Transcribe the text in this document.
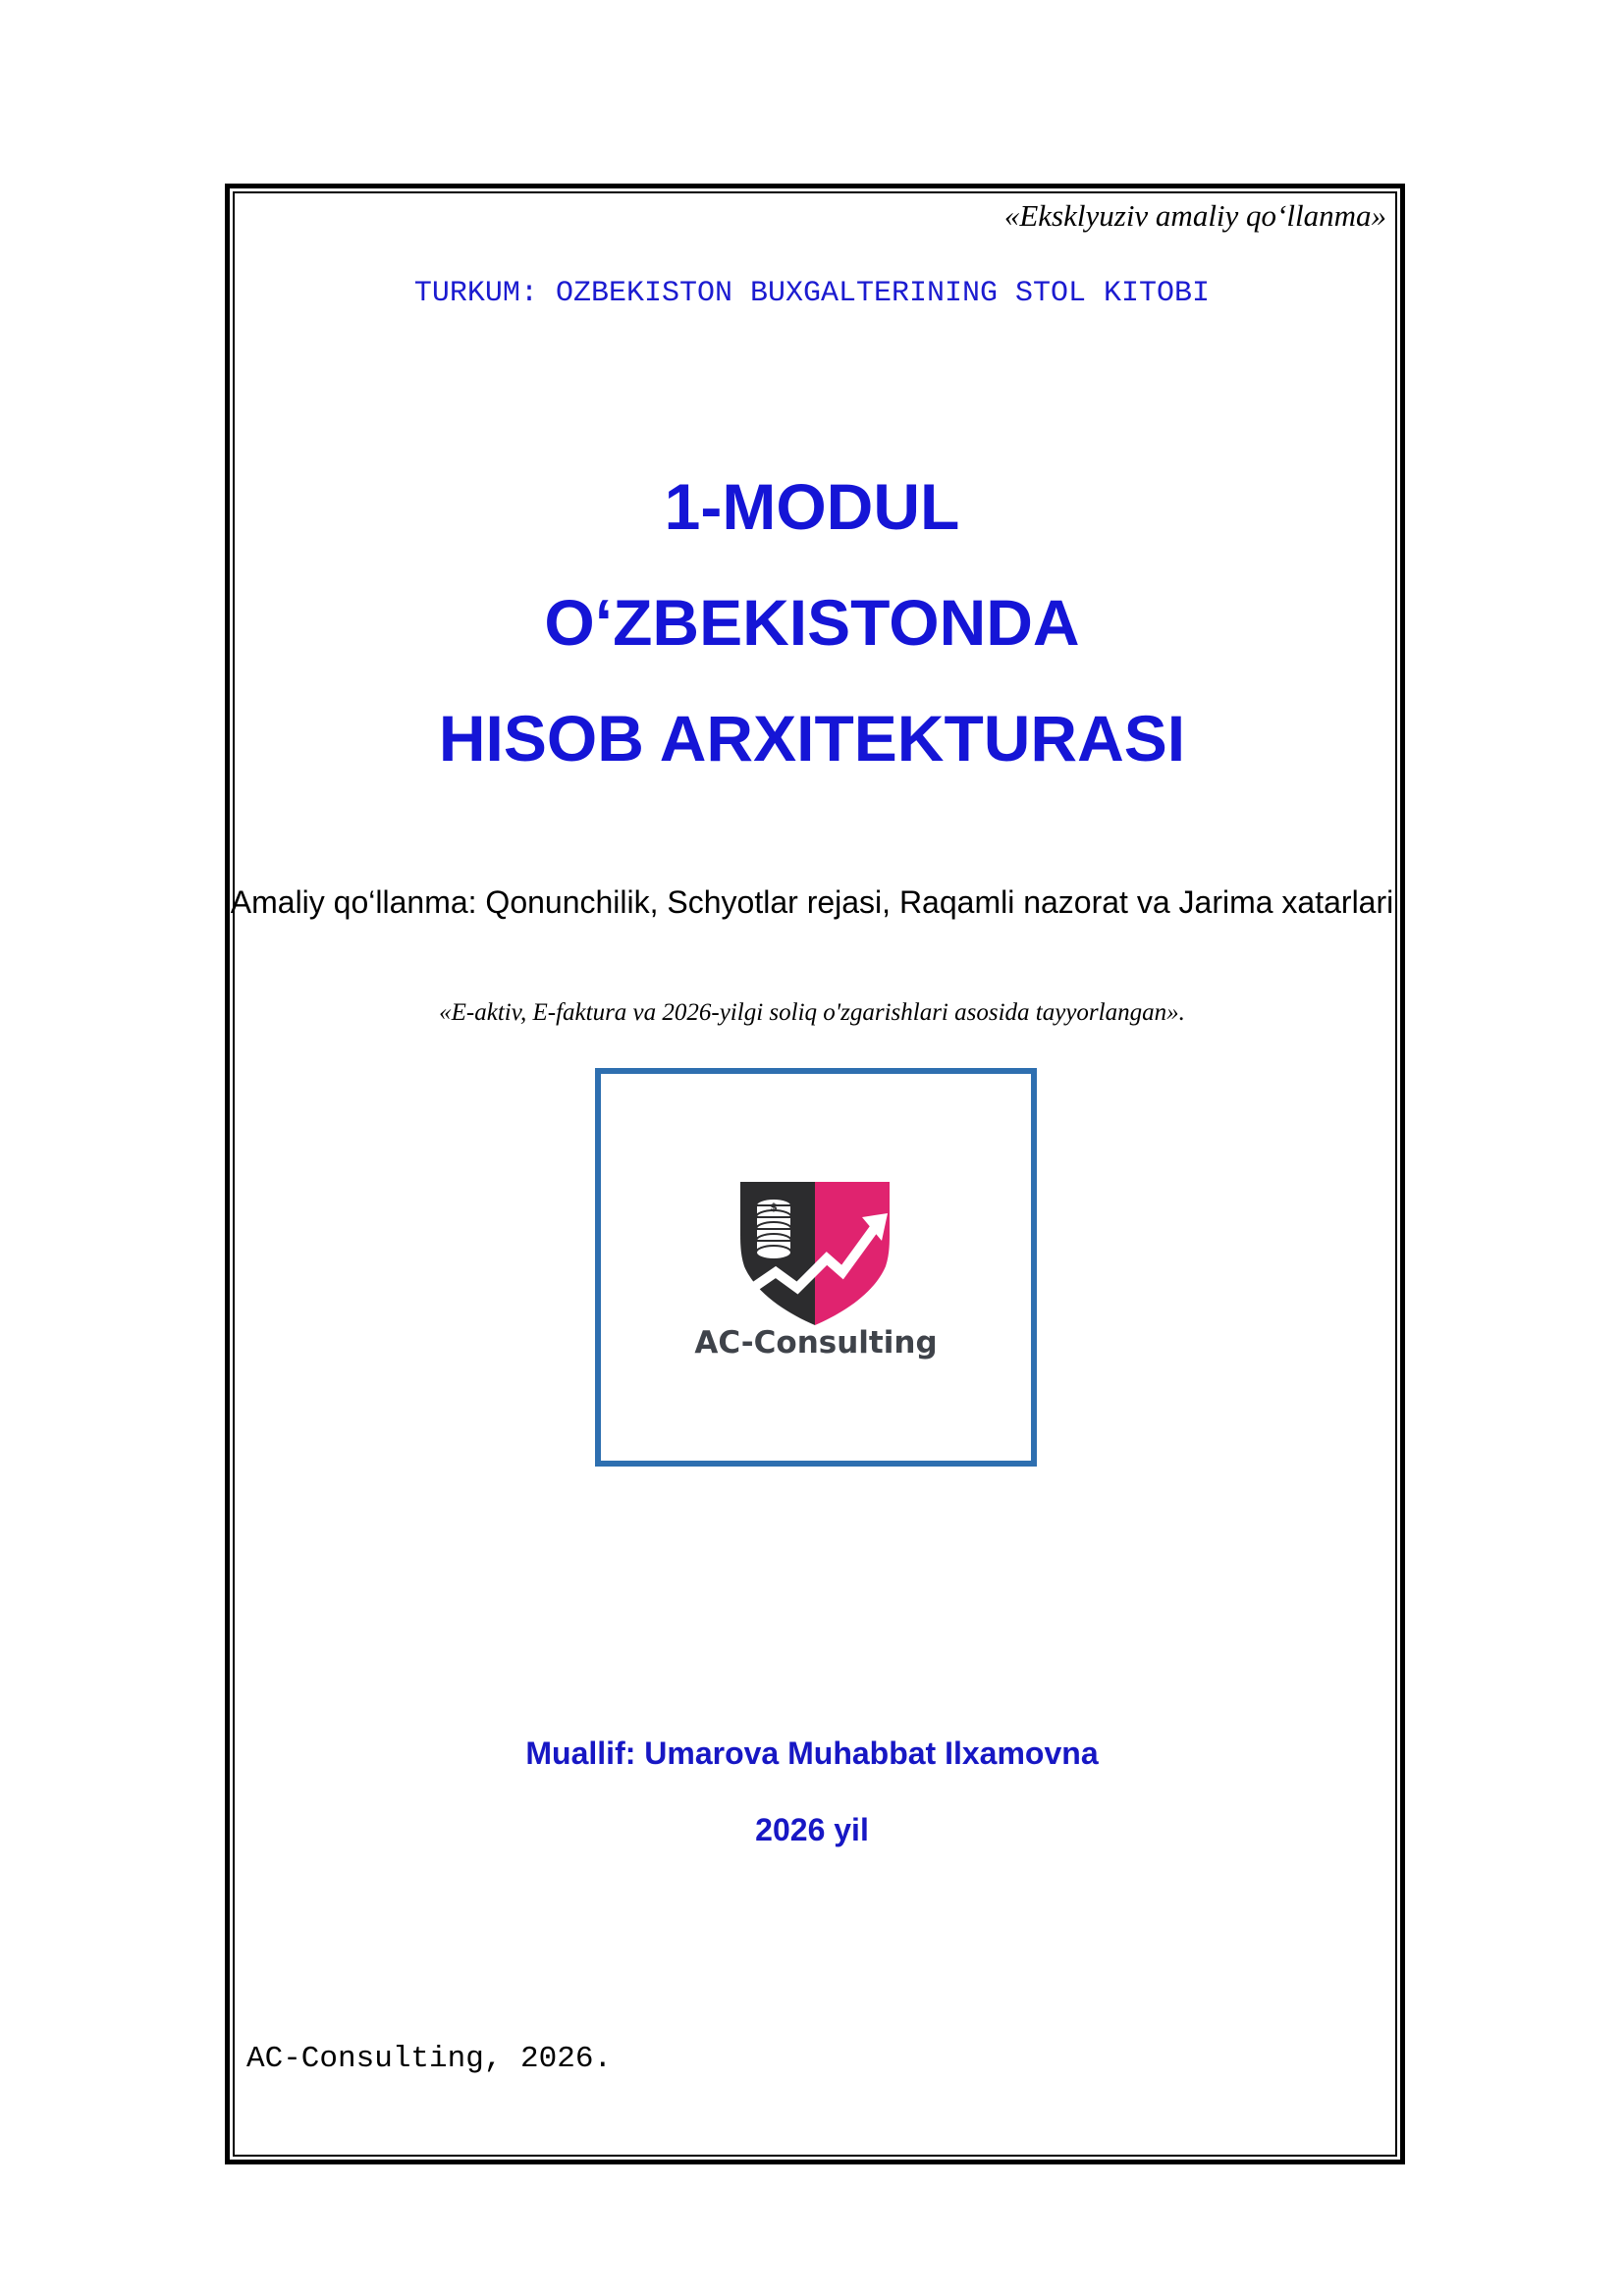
«Eksklyuziv amaliy qo‘llanma»

TURKUM: OZBEKISTON BUXGALTERINING STOL KITOBI

1-MODUL
O‘ZBEKISTONDA
HISOB ARXITEKTURASI

Amaliy qo‘llanma: Qonunchilik, Schyotlar rejasi, Raqamli nazorat va Jarima xatarlari

«E-aktiv, E-faktura va 2026-yilgi soliq o'zgarishlari asosida tayyorlangan».

$

AC-Consulting

Muallif: Umarova Muhabbat Ilxamovna

2026 yil

AC-Consulting, 2026.
